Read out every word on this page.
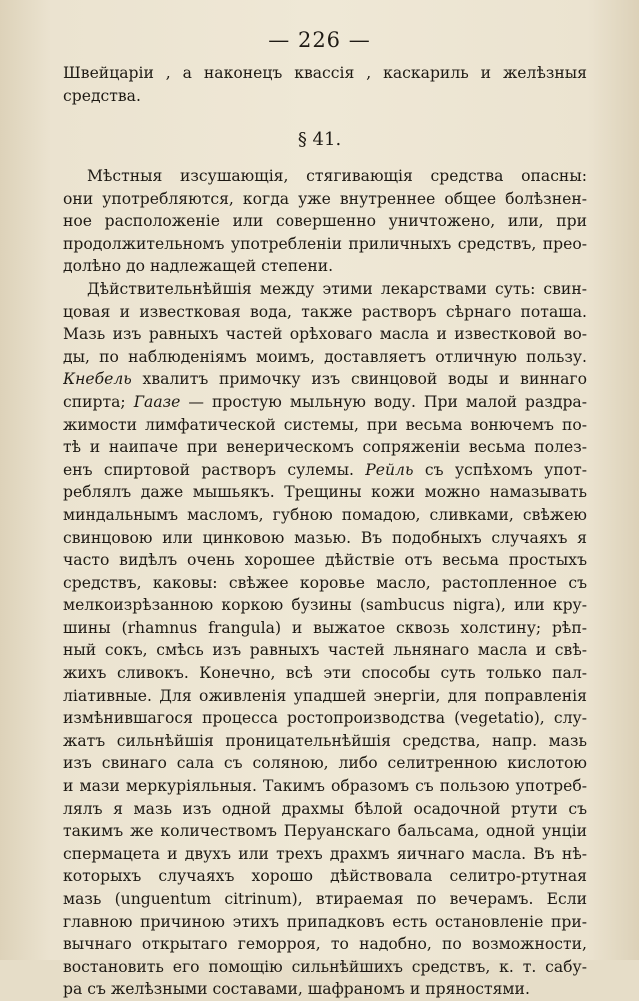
— 226 —
Швейцаріи , а наконецъ квассія , каскариль и желѣзныя
средства.
§ 41.
Мѣстныя изсушающія, стягивающія средства опасны:
они употребляются, когда уже внутреннее общее болѣзнен-
ное расположеніе или совершенно уничтожено, или, при
продолжительномъ употребленіи приличныхъ средствъ, прео-
долѣно до надлежащей степени.
Дѣйствительнѣйшія между этими лекарствами суть: свин-
цовая и известковая вода, также растворъ сѣрнаго поташа.
Мазь изъ равныхъ частей орѣховаго масла и известковой во-
ды, по наблюденіямъ моимъ, доставляетъ отличную пользу.
Кнебель хвалитъ примочку изъ свинцовой воды и виннаго
спирта; Гаазе — простую мыльную воду. При малой раздра-
жимости лимфатической системы, при весьма вонючемъ по-
тѣ и наипаче при венерическомъ сопряженіи весьма полез-
енъ спиртовой растворъ сулемы. Рейль съ успѣхомъ упот-
реблялъ даже мышьякъ. Трещины кожи можно намазывать
миндальнымъ масломъ, губною помадою, сливками, свѣжею
свинцовою или цинковою мазью. Въ подобныхъ случаяхъ я
часто видѣлъ очень хорошее дѣйствіе отъ весьма простыхъ
средствъ, каковы: свѣжее коровье масло, растопленное съ
мелкоизрѣзанною коркою бузины (sambucus nigra), или кру-
шины (rhamnus frangula) и выжатое сквозь холстину; рѣп-
ный сокъ, смѣсь изъ равныхъ частей льнянаго масла и свѣ-
жихъ сливокъ. Конечно, всѣ эти способы суть только пал-
ліативные. Для оживленія упадшей энергіи, для поправленія
измѣнившагося процесса ростопроизводства (vegetatio), слу-
жатъ сильнѣйшія проницательнѣйшія средства, напр. мазь
изъ свинаго сала съ соляною, либо селитренною кислотою
и мази меркуріяльныя. Такимъ образомъ съ пользою употреб-
лялъ я мазь изъ одной драхмы бѣлой осадочной ртути съ
такимъ же количествомъ Перуанскаго бальсама, одной унціи
спермацета и двухъ или трехъ драхмъ яичнаго масла. Въ нѣ-
которыхъ случаяхъ хорошо дѣйствовала селитро-ртутная
мазь (unguentum citrinum), втираемая по вечерамъ. Если
главною причиною этихъ припадковъ есть остановленіе при-
вычнаго открытаго геморроя, то надобно, по возможности,
востановить его помощію сильнѣйшихъ средствъ, к. т. сабу-
ра съ желѣзными составами, шафраномъ и пряностями.
